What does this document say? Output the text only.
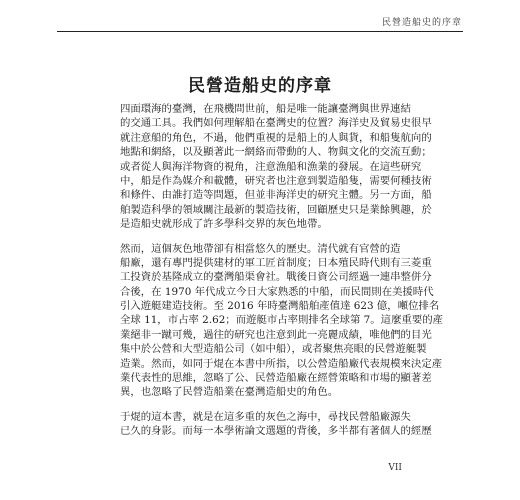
民營造船史的序章
民營造船史的序章
四面環海的臺灣，在飛機問世前，船是唯一能讓臺灣與世界連結
的交通工具。我們如何理解船在臺灣史的位置？海洋史及貿易史很早
就注意船的角色，不過，他們重視的是船上的人與貨，和船隻航向的
地點和網絡，以及顯著此一網絡而帶動的人、物與文化的交流互動；
或者從人與海洋物資的視角，注意漁船和漁業的發展。在這些研究
中，船是作為媒介和載體，研究者也注意到製造船隻，需要何種技術
和條件、由誰打造等問題，但並非海洋史的研究主體。另一方面，船
舶製造科學的領域關注最新的製造技術，回顧歷史只是業餘興趣，於
是造船史就形成了許多學科交界的灰色地帶。
然而，這個灰色地帶卻有相當悠久的歷史。清代就有官營的造
船廠，還有專門提供建材的軍工匠首制度；日本殖民時代則有三菱重
工投資於基隆成立的臺灣船渠會社。戰後日資公司經過一連串整併分
合後，在 1970 年代成立今日大家熟悉的中船，而民間則在美援時代
引入遊艇建造技術。至 2016 年時臺灣船舶產值達 623 億，噸位排名
全球 11，市占率 2.62；而遊艇市占率則排名全球第 7。這麼重要的產
業絕非一蹴可幾，過往的研究也注意到此一亮麗成績，唯他們的目光
集中於公營和大型造船公司（如中船），或者聚焦亮眼的民營遊艇製
造業。然而，如同于焜在本書中所指，以公營造船廠代表規模來決定產
業代表性的思維，忽略了公、民營造船廠在經營策略和市場的顯著差
異，也忽略了民營造船業在臺灣造船史的角色。
于焜的這本書，就是在這多重的灰色之海中，尋找民營船廠源失
已久的身影。而每一本學術論文選題的背後，多半都有著個人的經歷
VII
